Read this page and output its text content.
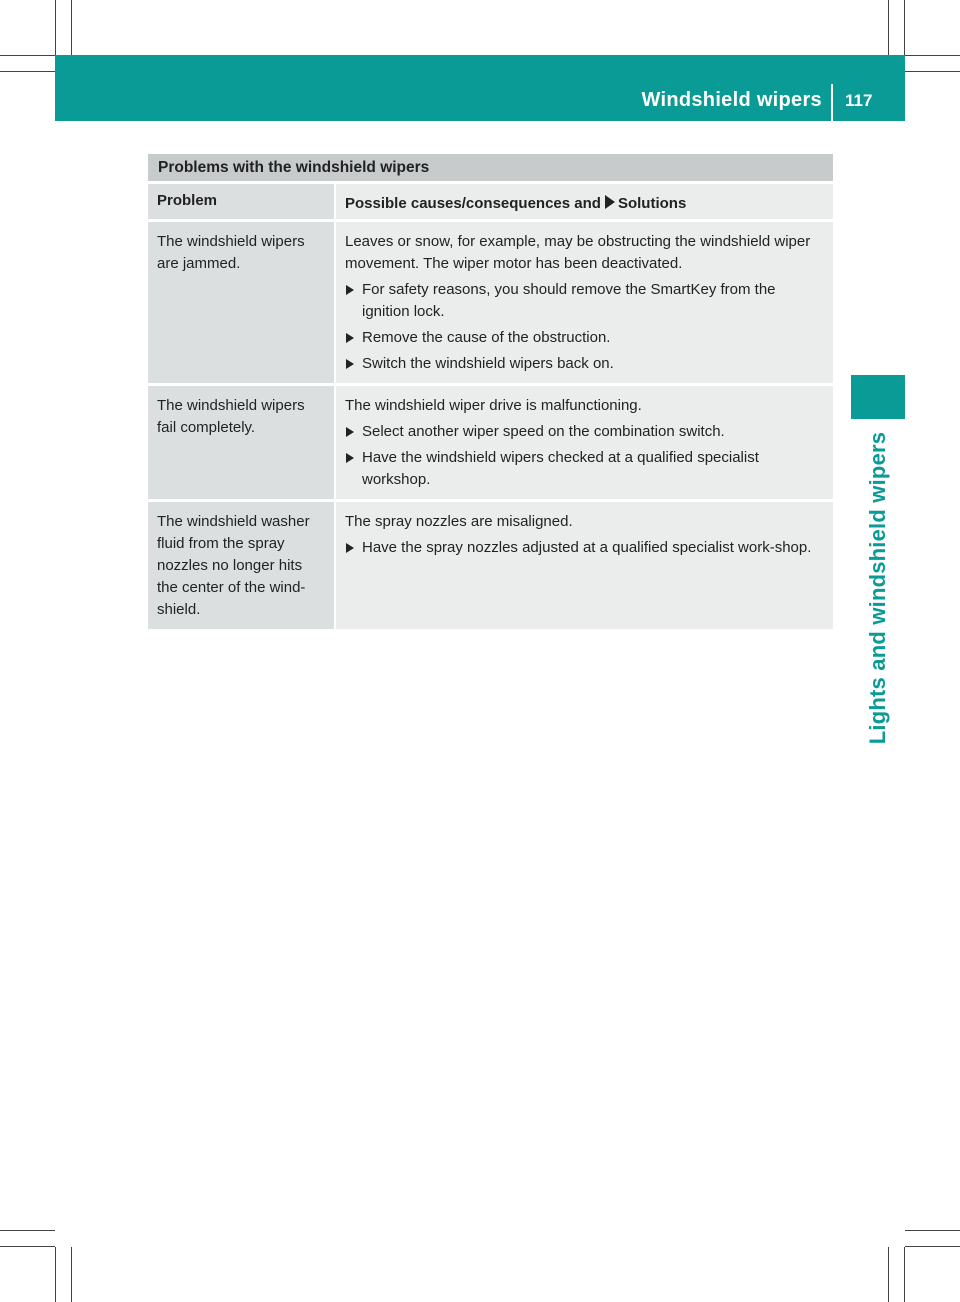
Windshield wipers 117
Lights and windshield wipers
Problems with the windshield wipers
Problem	Possible causes/consequences and Solutions
The windshield wipers are jammed.

Leaves or snow, for example, may be obstructing the windshield wiper movement. The wiper motor has been deactivated.

For safety reasons, you should remove the SmartKey from the ignition lock.
Remove the cause of the obstruction.
Switch the windshield wipers back on.
The windshield wipers fail completely.

The windshield wiper drive is malfunctioning.

Select another wiper speed on the combination switch.
Have the windshield wipers checked at a qualified specialist workshop.
The windshield washer fluid from the spray nozzles no longer hits the center of the wind-shield.

The spray nozzles are misaligned.

Have the spray nozzles adjusted at a qualified specialist work-shop.
